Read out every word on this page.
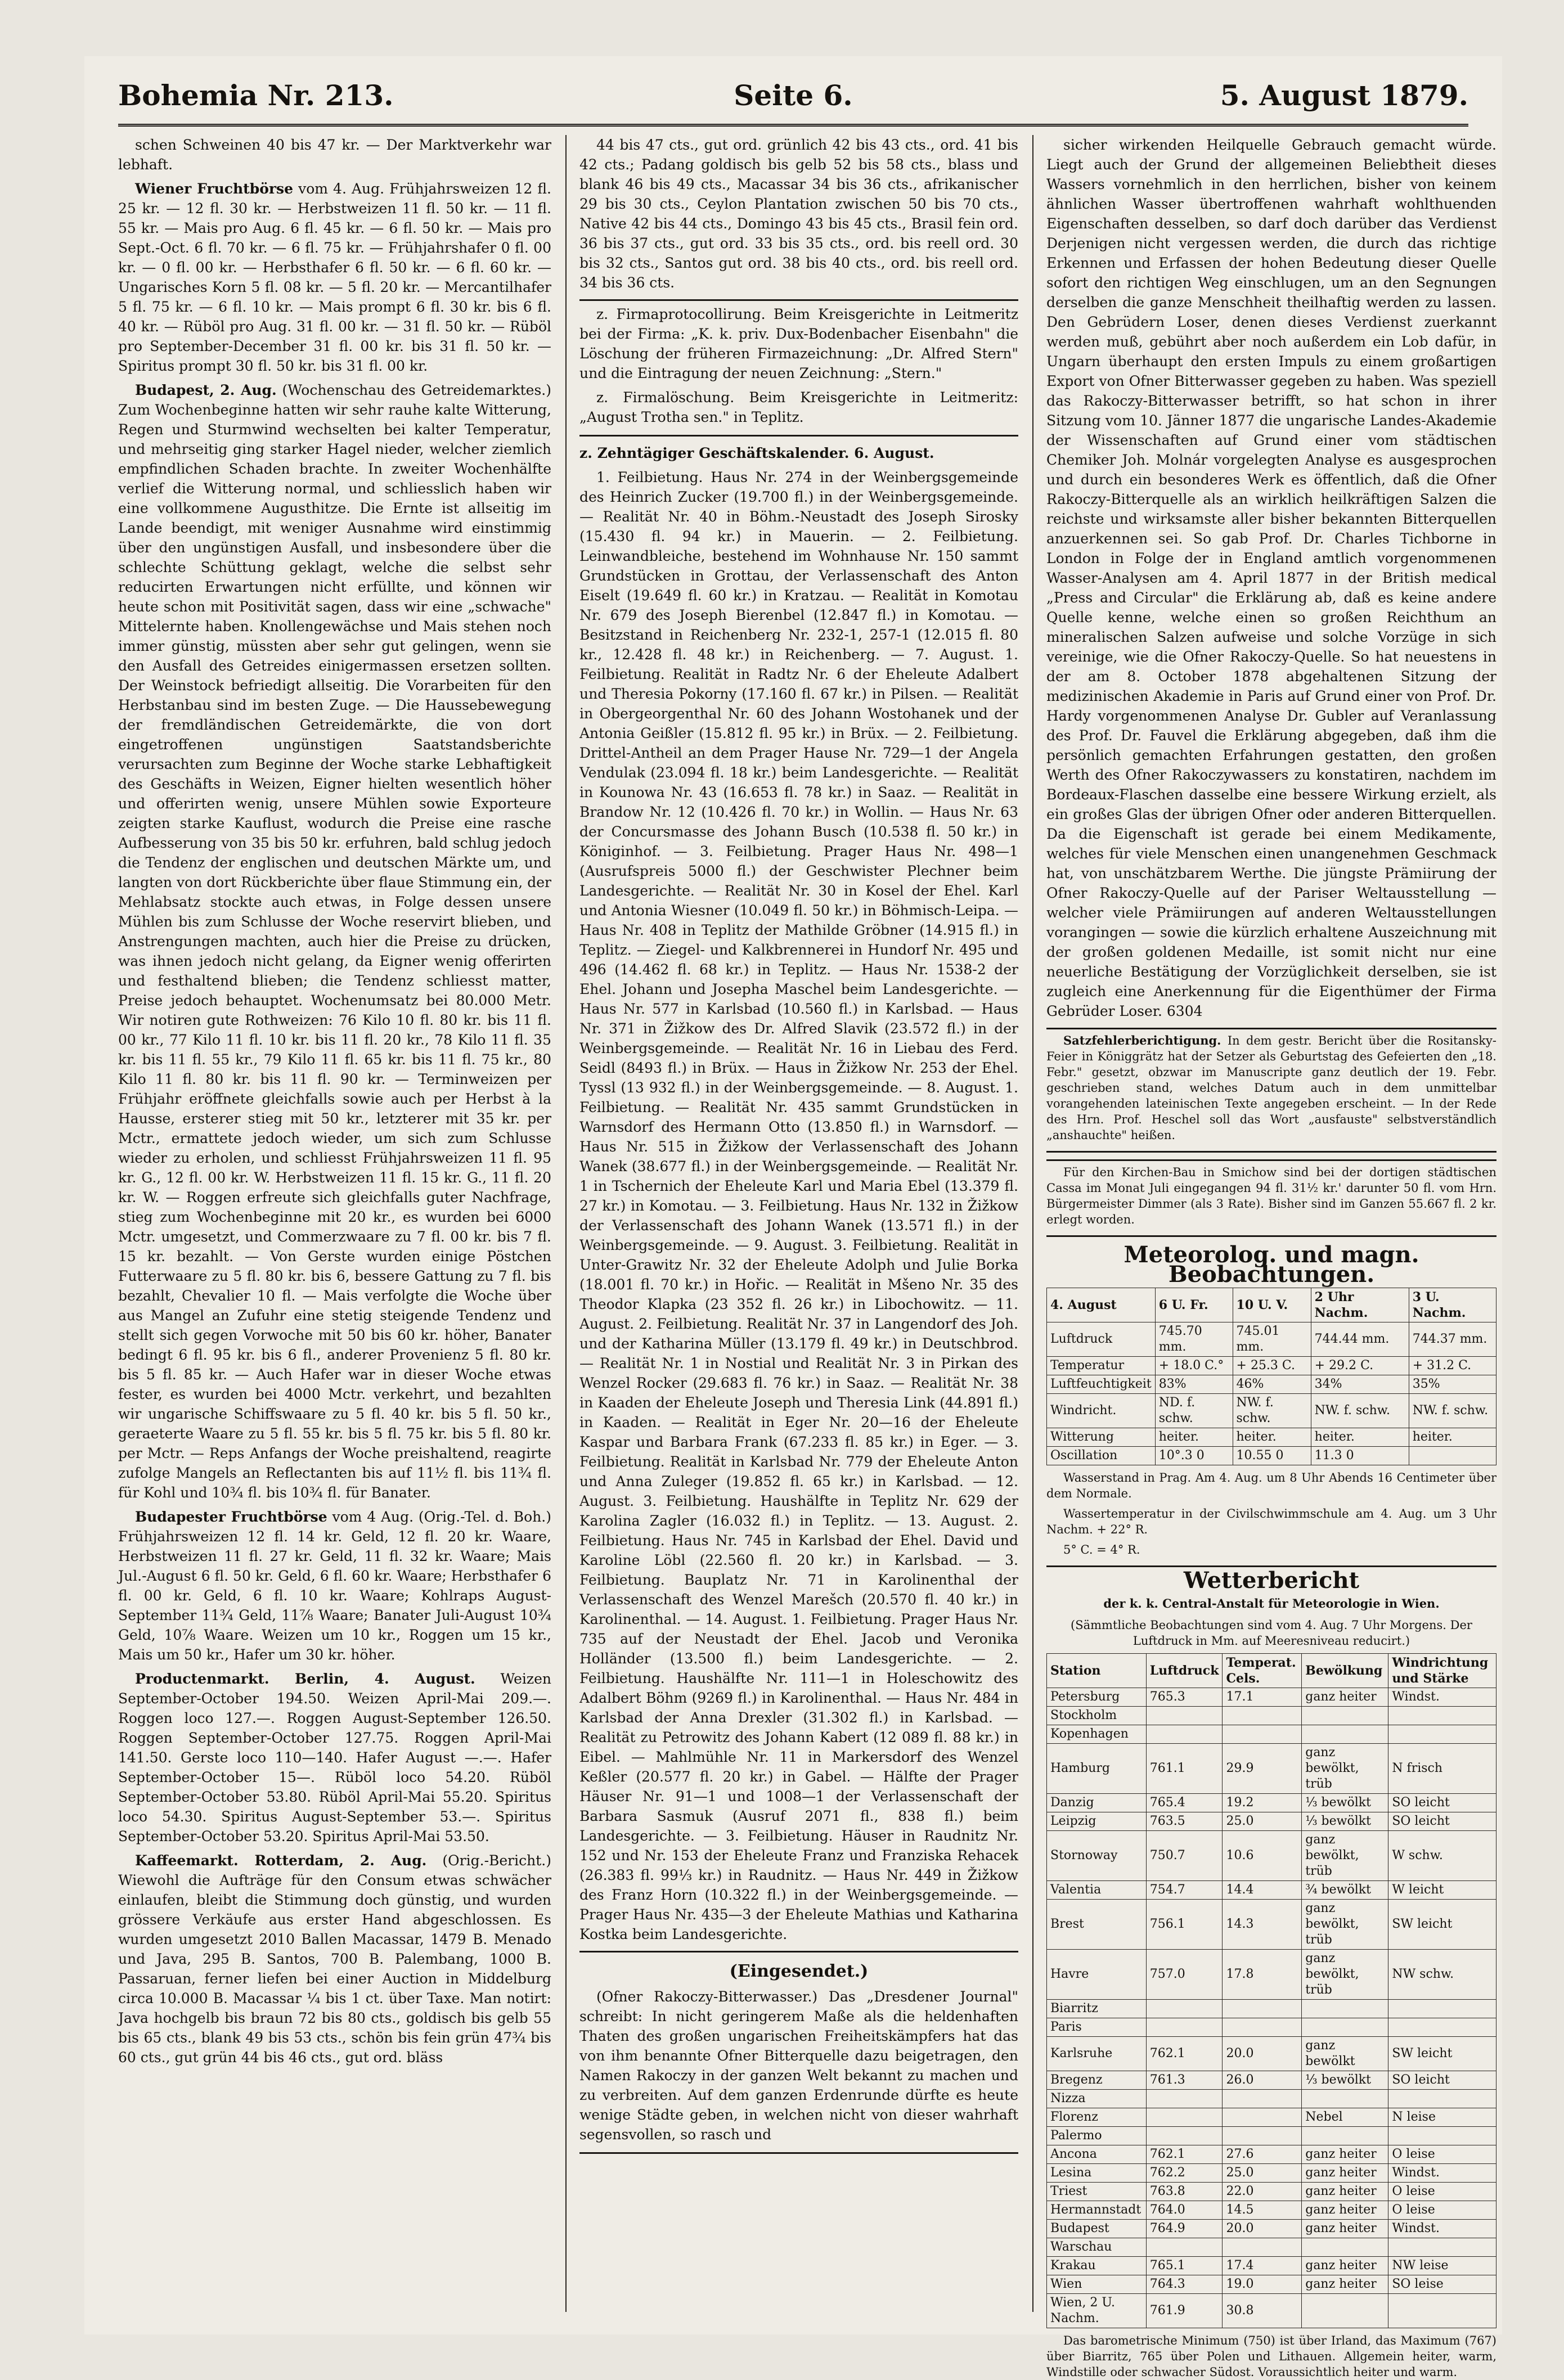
Bohemia Nr. 213.	Seite 6.	5. August 1879.

schen Schweinen 40 bis 47 kr. — Der Marktverkehr war lebhaft.

Wiener Fruchtbörse vom 4. Aug. Frühjahrsweizen 12 fl. 25 kr. — 12 fl. 30 kr. — Herbstweizen 11 fl. 50 kr. — 11 fl. 55 kr. — Mais pro Aug. 6 fl. 45 kr. — 6 fl. 50 kr. — Mais pro Sept.-Oct. 6 fl. 70 kr. — 6 fl. 75 kr. — Frühjahrshafer 0 fl. 00 kr. — 0 fl. 00 kr. — Herbsthafer 6 fl. 50 kr. — 6 fl. 60 kr. — Ungarisches Korn 5 fl. 08 kr. — 5 fl. 20 kr. — Mercantilhafer 5 fl. 75 kr. — 6 fl. 10 kr. — Mais prompt 6 fl. 30 kr. bis 6 fl. 40 kr. — Rüböl pro Aug. 31 fl. 00 kr. — 31 fl. 50 kr. — Rüböl pro September-December 31 fl. 00 kr. bis 31 fl. 50 kr. — Spiritus prompt 30 fl. 50 kr. bis 31 fl. 00 kr.

Budapest, 2. Aug. (Wochenschau des Getreidemarktes.) Zum Wochenbeginne hatten wir sehr rauhe kalte Witterung, Regen und Sturmwind wechselten bei kalter Temperatur, und mehrseitig ging starker Hagel nieder, welcher ziemlich empfindlichen Schaden brachte. In zweiter Wochenhälfte verlief die Witterung normal, und schliesslich haben wir eine vollkommene Augusthitze. Die Ernte ist allseitig im Lande beendigt, mit weniger Ausnahme wird einstimmig über den ungünstigen Ausfall, und insbesondere über die schlechte Schüttung geklagt, welche die selbst sehr reducirten Erwartungen nicht erfüllte, und können wir heute schon mit Positivität sagen, dass wir eine „schwache" Mittelernte haben. Knollengewächse und Mais stehen noch immer günstig, müssten aber sehr gut gelingen, wenn sie den Ausfall des Getreides einigermassen ersetzen sollten. Der Weinstock befriedigt allseitig. Die Vorarbeiten für den Herbstanbau sind im besten Zuge. — Die Haussebewegung der fremdländischen Getreidemärkte, die von dort eingetroffenen ungünstigen Saatstandsberichte verursachten zum Beginne der Woche starke Lebhaftigkeit des Geschäfts in Weizen, Eigner hielten wesentlich höher und offerirten wenig, unsere Mühlen sowie Exporteure zeigten starke Kauflust, wodurch die Preise eine rasche Aufbesserung von 35 bis 50 kr. erfuhren, bald schlug jedoch die Tendenz der englischen und deutschen Märkte um, und langten von dort Rückberichte über flaue Stimmung ein, der Mehlabsatz stockte auch etwas, in Folge dessen unsere Mühlen bis zum Schlusse der Woche reservirt blieben, und Anstrengungen machten, auch hier die Preise zu drücken, was ihnen jedoch nicht gelang, da Eigner wenig offerirten und festhaltend blieben; die Tendenz schliesst matter, Preise jedoch behauptet. Wochenumsatz bei 80.000 Metr. Wir notiren gute Rothweizen: 76 Kilo 10 fl. 80 kr. bis 11 fl. 00 kr., 77 Kilo 11 fl. 10 kr. bis 11 fl. 20 kr., 78 Kilo 11 fl. 35 kr. bis 11 fl. 55 kr., 79 Kilo 11 fl. 65 kr. bis 11 fl. 75 kr., 80 Kilo 11 fl. 80 kr. bis 11 fl. 90 kr. — Terminweizen per Frühjahr eröffnete gleichfalls sowie auch per Herbst à la Hausse, ersterer stieg mit 50 kr., letzterer mit 35 kr. per Mctr., ermattete jedoch wieder, um sich zum Schlusse wieder zu erholen, und schliesst Frühjahrsweizen 11 fl. 95 kr. G., 12 fl. 00 kr. W. Herbstweizen 11 fl. 15 kr. G., 11 fl. 20 kr. W. — Roggen erfreute sich gleichfalls guter Nachfrage, stieg zum Wochenbeginne mit 20 kr., es wurden bei 6000 Mctr. umgesetzt, und Commerzwaare zu 7 fl. 00 kr. bis 7 fl. 15 kr. bezahlt. — Von Gerste wurden einige Pöstchen Futterwaare zu 5 fl. 80 kr. bis 6, bessere Gattung zu 7 fl. bis bezahlt, Chevalier 10 fl. — Mais verfolgte die Woche über aus Mangel an Zufuhr eine stetig steigende Tendenz und stellt sich gegen Vorwoche mit 50 bis 60 kr. höher, Banater bedingt 6 fl. 95 kr. bis 6 fl., anderer Provenienz 5 fl. 80 kr. bis 5 fl. 85 kr. — Auch Hafer war in dieser Woche etwas fester, es wurden bei 4000 Mctr. verkehrt, und bezahlten wir ungarische Schiffswaare zu 5 fl. 40 kr. bis 5 fl. 50 kr., geraeterte Waare zu 5 fl. 55 kr. bis 5 fl. 75 kr. bis 5 fl. 80 kr. per Mctr. — Reps Anfangs der Woche preishaltend, reagirte zufolge Mangels an Reflectanten bis auf 11½ fl. bis 11¾ fl. für Kohl und 10¾ fl. bis 10¾ fl. für Banater.

Budapester Fruchtbörse vom 4 Aug. (Orig.-Tel. d. Boh.) Frühjahrsweizen 12 fl. 14 kr. Geld, 12 fl. 20 kr. Waare, Herbstweizen 11 fl. 27 kr. Geld, 11 fl. 32 kr. Waare; Mais Jul.-August 6 fl. 50 kr. Geld, 6 fl. 60 kr. Waare; Herbsthafer 6 fl. 00 kr. Geld, 6 fl. 10 kr. Waare; Kohlraps August-September 11¾ Geld, 11⅞ Waare; Banater Juli-August 10¾ Geld, 10⅞ Waare. Weizen um 10 kr., Roggen um 15 kr., Mais um 50 kr., Hafer um 30 kr. höher.

Productenmarkt. Berlin, 4. August. Weizen September-October 194.50. Weizen April-Mai 209.—. Roggen loco 127.—. Roggen August-September 126.50. Roggen September-October 127.75. Roggen April-Mai 141.50. Gerste loco 110—140. Hafer August —.—. Hafer September-October 15—. Rüböl loco 54.20. Rüböl September-October 53.80. Rüböl April-Mai 55.20. Spiritus loco 54.30. Spiritus August-September 53.—. Spiritus September-October 53.20. Spiritus April-Mai 53.50.

Kaffeemarkt. Rotterdam, 2. Aug. (Orig.-Bericht.) Wiewohl die Aufträge für den Consum etwas schwächer einlaufen, bleibt die Stimmung doch günstig, und wurden grössere Verkäufe aus erster Hand abgeschlossen. Es wurden umgesetzt 2010 Ballen Macassar, 1479 B. Menado und Java, 295 B. Santos, 700 B. Palembang, 1000 B. Passaruan, ferner liefen bei einer Auction in Middelburg circa 10.000 B. Macassar ¼ bis 1 ct. über Taxe. Man notirt: Java hochgelb bis braun 72 bis 80 cts., goldisch bis gelb 55 bis 65 cts., blank 49 bis 53 cts., schön bis fein grün 47¾ bis 60 cts., gut grün 44 bis 46 cts., gut ord. bläss

44 bis 47 cts., gut ord. grünlich 42 bis 43 cts., ord. 41 bis 42 cts.; Padang goldisch bis gelb 52 bis 58 cts., blass und blank 46 bis 49 cts., Macassar 34 bis 36 cts., afrikanischer 29 bis 30 cts., Ceylon Plantation zwischen 50 bis 70 cts., Native 42 bis 44 cts., Domingo 43 bis 45 cts., Brasil fein ord. 36 bis 37 cts., gut ord. 33 bis 35 cts., ord. bis reell ord. 30 bis 32 cts., Santos gut ord. 38 bis 40 cts., ord. bis reell ord. 34 bis 36 cts.

z. Firmaprotocollirung. Beim Kreisgerichte in Leitmeritz bei der Firma: „K. k. priv. Dux-Bodenbacher Eisenbahn" die Löschung der früheren Firmazeichnung: „Dr. Alfred Stern" und die Eintragung der neuen Zeichnung: „Stern."

z. Firmalöschung. Beim Kreisgerichte in Leitmeritz: „August Trotha sen." in Teplitz.

z. Zehntägiger Geschäftskalender. 6. August.

1. Feilbietung. Haus Nr. 274 in der Weinbergsgemeinde des Heinrich Zucker (19.700 fl.) in der Weinbergsgemeinde. — Realität Nr. 40 in Böhm.-Neustadt des Joseph Sirosky (15.430 fl. 94 kr.) in Mauerin. — 2. Feilbietung. Leinwandbleiche, bestehend im Wohnhause Nr. 150 sammt Grundstücken in Grottau, der Verlassenschaft des Anton Eiselt (19.649 fl. 60 kr.) in Kratzau. — Realität in Komotau Nr. 679 des Joseph Bierenbel (12.847 fl.) in Komotau. — Besitzstand in Reichenberg Nr. 232-1, 257-1 (12.015 fl. 80 kr., 12.428 fl. 48 kr.) in Reichenberg. — 7. August. 1. Feilbietung. Realität in Radtz Nr. 6 der Eheleute Adalbert und Theresia Pokorny (17.160 fl. 67 kr.) in Pilsen. — Realität in Obergeorgenthal Nr. 60 des Johann Wostohanek und der Antonia Geißler (15.812 fl. 95 kr.) in Brüx. — 2. Feilbietung. Drittel-Antheil an dem Prager Hause Nr. 729—1 der Angela Vendulak (23.094 fl. 18 kr.) beim Landesgerichte. — Realität in Kounowa Nr. 43 (16.653 fl. 78 kr.) in Saaz. — Realität in Brandow Nr. 12 (10.426 fl. 70 kr.) in Wollin. — Haus Nr. 63 der Concursmasse des Johann Busch (10.538 fl. 50 kr.) in Königinhof. — 3. Feilbietung. Prager Haus Nr. 498—1 (Ausrufspreis 5000 fl.) der Geschwister Plechner beim Landesgerichte. — Realität Nr. 30 in Kosel der Ehel. Karl und Antonia Wiesner (10.049 fl. 50 kr.) in Böhmisch-Leipa. — Haus Nr. 408 in Teplitz der Mathilde Gröbner (14.915 fl.) in Teplitz. — Ziegel- und Kalkbrennerei in Hundorf Nr. 495 und 496 (14.462 fl. 68 kr.) in Teplitz. — Haus Nr. 1538-2 der Ehel. Johann und Josepha Maschel beim Landesgerichte. — Haus Nr. 577 in Karlsbad (10.560 fl.) in Karlsbad. — Haus Nr. 371 in Žižkow des Dr. Alfred Slavik (23.572 fl.) in der Weinbergsgemeinde. — Realität Nr. 16 in Liebau des Ferd. Seidl (8493 fl.) in Brüx. — Haus in Žižkow Nr. 253 der Ehel. Tyssl (13 932 fl.) in der Weinbergsgemeinde. — 8. August. 1. Feilbietung. — Realität Nr. 435 sammt Grundstücken in Warnsdorf des Hermann Otto (13.850 fl.) in Warnsdorf. — Haus Nr. 515 in Žižkow der Verlassenschaft des Johann Wanek (38.677 fl.) in der Weinbergsgemeinde. — Realität Nr. 1 in Tschernich der Eheleute Karl und Maria Ebel (13.379 fl. 27 kr.) in Komotau. — 3. Feilbietung. Haus Nr. 132 in Žižkow der Verlassenschaft des Johann Wanek (13.571 fl.) in der Weinbergsgemeinde. — 9. August. 3. Feilbietung. Realität in Unter-Grawitz Nr. 32 der Eheleute Adolph und Julie Borka (18.001 fl. 70 kr.) in Hořic. — Realität in Mšeno Nr. 35 des Theodor Klapka (23 352 fl. 26 kr.) in Libochowitz. — 11. August. 2. Feilbietung. Realität Nr. 37 in Langendorf des Joh. und der Katharina Müller (13.179 fl. 49 kr.) in Deutschbrod. — Realität Nr. 1 in Nostial und Realität Nr. 3 in Pirkan des Wenzel Rocker (29.683 fl. 76 kr.) in Saaz. — Realität Nr. 38 in Kaaden der Eheleute Joseph und Theresia Link (44.891 fl.) in Kaaden. — Realität in Eger Nr. 20—16 der Eheleute Kaspar und Barbara Frank (67.233 fl. 85 kr.) in Eger. — 3. Feilbietung. Realität in Karlsbad Nr. 779 der Eheleute Anton und Anna Zuleger (19.852 fl. 65 kr.) in Karlsbad. — 12. August. 3. Feilbietung. Haushälfte in Teplitz Nr. 629 der Karolina Zagler (16.032 fl.) in Teplitz. — 13. August. 2. Feilbietung. Haus Nr. 745 in Karlsbad der Ehel. David und Karoline Löbl (22.560 fl. 20 kr.) in Karlsbad. — 3. Feilbietung. Bauplatz Nr. 71 in Karolinenthal der Verlassenschaft des Wenzel Marešch (20.570 fl. 40 kr.) in Karolinenthal. — 14. August. 1. Feilbietung. Prager Haus Nr. 735 auf der Neustadt der Ehel. Jacob und Veronika Holländer (13.500 fl.) beim Landesgerichte. — 2. Feilbietung. Haushälfte Nr. 111—1 in Holeschowitz des Adalbert Böhm (9269 fl.) in Karolinenthal. — Haus Nr. 484 in Karlsbad der Anna Drexler (31.302 fl.) in Karlsbad. — Realität zu Petrowitz des Johann Kabert (12 089 fl. 88 kr.) in Eibel. — Mahlmühle Nr. 11 in Markersdorf des Wenzel Keßler (20.577 fl. 20 kr.) in Gabel. — Hälfte der Prager Häuser Nr. 91—1 und 1008—1 der Verlassenschaft der Barbara Sasmuk (Ausruf 2071 fl., 838 fl.) beim Landesgerichte. — 3. Feilbietung. Häuser in Raudnitz Nr. 152 und Nr. 153 der Eheleute Franz und Franziska Rehacek (26.383 fl. 99⅓ kr.) in Raudnitz. — Haus Nr. 449 in Žižkow des Franz Horn (10.322 fl.) in der Weinbergsgemeinde. — Prager Haus Nr. 435—3 der Eheleute Mathias und Katharina Kostka beim Landesgerichte.

(Eingesendet.)

(Ofner Rakoczy-Bitterwasser.) Das „Dresdener Journal" schreibt: In nicht geringerem Maße als die heldenhaften Thaten des großen ungarischen Freiheitskämpfers hat das von ihm benannte Ofner Bitterquelle dazu beigetragen, den Namen Rakoczy in der ganzen Welt bekannt zu machen und zu verbreiten. Auf dem ganzen Erdenrunde dürfte es heute wenige Städte geben, in welchen nicht von dieser wahrhaft segensvollen, so rasch und

sicher wirkenden Heilquelle Gebrauch gemacht würde. Liegt auch der Grund der allgemeinen Beliebtheit dieses Wassers vornehmlich in den herrlichen, bisher von keinem ähnlichen Wasser übertroffenen wahrhaft wohlthuenden Eigenschaften desselben, so darf doch darüber das Verdienst Derjenigen nicht vergessen werden, die durch das richtige Erkennen und Erfassen der hohen Bedeutung dieser Quelle sofort den richtigen Weg einschlugen, um an den Segnungen derselben die ganze Menschheit theilhaftig werden zu lassen. Den Gebrüdern Loser, denen dieses Verdienst zuerkannt werden muß, gebührt aber noch außerdem ein Lob dafür, in Ungarn überhaupt den ersten Impuls zu einem großartigen Export von Ofner Bitterwasser gegeben zu haben. Was speziell das Rakoczy-Bitterwasser betrifft, so hat schon in ihrer Sitzung vom 10. Jänner 1877 die ungarische Landes-Akademie der Wissenschaften auf Grund einer vom städtischen Chemiker Joh. Molnár vorgelegten Analyse es ausgesprochen und durch ein besonderes Werk es öffentlich, daß die Ofner Rakoczy-Bitterquelle als an wirklich heilkräftigen Salzen die reichste und wirksamste aller bisher bekannten Bitterquellen anzuerkennen sei. So gab Prof. Dr. Charles Tichborne in London in Folge der in England amtlich vorgenommenen Wasser-Analysen am 4. April 1877 in der British medical „Press and Circular" die Erklärung ab, daß es keine andere Quelle kenne, welche einen so großen Reichthum an mineralischen Salzen aufweise und solche Vorzüge in sich vereinige, wie die Ofner Rakoczy-Quelle. So hat neuestens in der am 8. October 1878 abgehaltenen Sitzung der medizinischen Akademie in Paris auf Grund einer von Prof. Dr. Hardy vorgenommenen Analyse Dr. Gubler auf Veranlassung des Prof. Dr. Fauvel die Erklärung abgegeben, daß ihm die persönlich gemachten Erfahrungen gestatten, den großen Werth des Ofner Rakoczywassers zu konstatiren, nachdem im Bordeaux-Flaschen dasselbe eine bessere Wirkung erzielt, als ein großes Glas der übrigen Ofner oder anderen Bitterquellen. Da die Eigenschaft ist gerade bei einem Medikamente, welches für viele Menschen einen unangenehmen Geschmack hat, von unschätzbarem Werthe. Die jüngste Prämiirung der Ofner Rakoczy-Quelle auf der Pariser Weltausstellung — welcher viele Prämiirungen auf anderen Weltausstellungen vorangingen — sowie die kürzlich erhaltene Auszeichnung mit der großen goldenen Medaille, ist somit nicht nur eine neuerliche Bestätigung der Vorzüglichkeit derselben, sie ist zugleich eine Anerkennung für die Eigenthümer der Firma Gebrüder Loser. 6304

Satzfehlerberichtigung. In dem gestr. Bericht über die Rositansky-Feier in Königgrätz hat der Setzer als Geburtstag des Gefeierten den „18. Febr." gesetzt, obzwar im Manuscripte ganz deutlich der 19. Febr. geschrieben stand, welches Datum auch in dem unmittelbar vorangehenden lateinischen Texte angegeben erscheint. — In der Rede des Hrn. Prof. Heschel soll das Wort „ausfauste" selbstverständlich „anshauchte" heißen.

Für den Kirchen-Bau in Smichow sind bei der dortigen städtischen Cassa im Monat Juli eingegangen 94 fl. 31½ kr.' darunter 50 fl. vom Hrn. Bürgermeister Dimmer (als 3 Rate). Bisher sind im Ganzen 55.667 fl. 2 kr. erlegt worden.

Meteorolog. und magn. Beobachtungen.
4. August	6 U. Fr.	10 U. V.	2 Uhr Nachm.	3 U. Nachm.
Luftdruck	745.70 mm.	745.01 mm.	744.44 mm.	744.37 mm.
Temperatur	+ 18.0 C.°	+ 25.3 C.	+ 29.2 C.	+ 31.2 C.
Luftfeuchtigkeit	83%	46%	34%	35%
Windricht.	ND. f. schw.	NW. f. schw.	NW. f. schw.	NW. f. schw.
Witterung	heiter.	heiter.	heiter.	heiter.
Oscillation	10°.3 0	10.55 0	11.3 0	

Wasserstand in Prag. Am 4. Aug. um 8 Uhr Abends 16 Centimeter über dem Normale.

Wassertemperatur in der Civilschwimmschule am 4. Aug. um 3 Uhr Nachm. + 22° R.

5° C. = 4° R.

Wetterbericht

der k. k. Central-Anstalt für Meteorologie in Wien.

(Sämmtliche Beobachtungen sind vom 4. Aug. 7 Uhr Morgens. Der Luftdruck in Mm. auf Meeresniveau reducirt.)

Station	Luftdruck	Temperat. Cels.	Bewölkung	Windrichtung und Stärke
Petersburg	765.3	17.1	ganz heiter	Windst.
Stockholm				
Kopenhagen				
Hamburg	761.1	29.9	ganz bewölkt, trüb	N frisch
Danzig	765.4	19.2	⅓ bewölkt	SO leicht
Leipzig	763.5	25.0	⅓ bewölkt	SO leicht
Stornoway	750.7	10.6	ganz bewölkt, trüb	W schw.
Valentia	754.7	14.4	¾ bewölkt	W leicht
Brest	756.1	14.3	ganz bewölkt, trüb	SW leicht
Havre	757.0	17.8	ganz bewölkt, trüb	NW schw.
Biarritz				
Paris				
Karlsruhe	762.1	20.0	ganz bewölkt	SW leicht
Bregenz	761.3	26.0	⅓ bewölkt	SO leicht
Nizza				
Florenz			Nebel	N leise
Palermo				
Ancona	762.1	27.6	ganz heiter	O leise
Lesina	762.2	25.0	ganz heiter	Windst.
Triest	763.8	22.0	ganz heiter	O leise
Hermannstadt	764.0	14.5	ganz heiter	O leise
Budapest	764.9	20.0	ganz heiter	Windst.
Warschau				
Krakau	765.1	17.4	ganz heiter	NW leise
Wien	764.3	19.0	ganz heiter	SO leise
Wien, 2 U. Nachm.	761.9	30.8		

Das barometrische Minimum (750) ist über Irland, das Maximum (767) über Biarritz, 765 über Polen und Lithauen. Allgemein heiter, warm, Windstille oder schwacher Südost. Voraussichtlich heiter und warm.
